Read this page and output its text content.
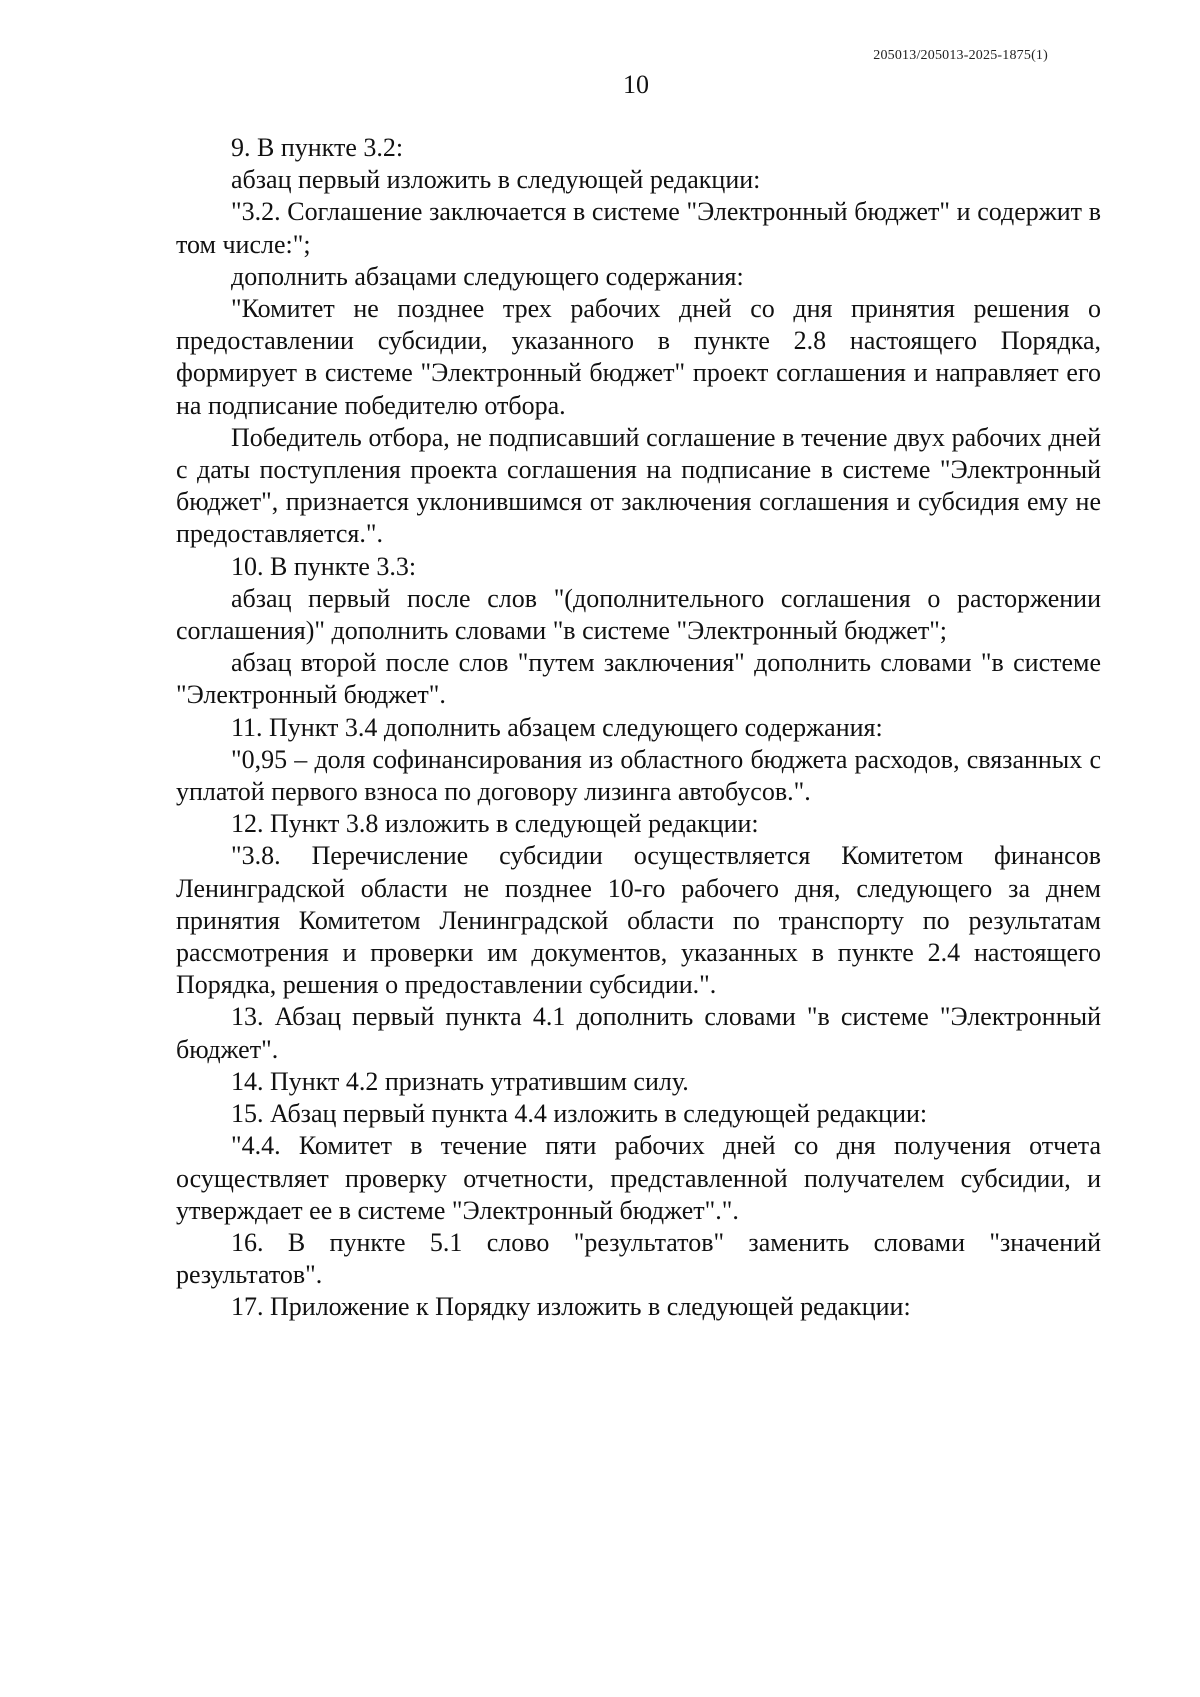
205013/205013-2025-1875(1)
10

9. В пункте 3.2:

абзац первый изложить в следующей редакции:

"3.2. Соглашение заключается в системе "Электронный бюджет" и содержит в том числе:";

дополнить абзацами следующего содержания:

"Комитет не позднее трех рабочих дней со дня принятия решения о предоставлении субсидии, указанного в пункте 2.8 настоящего Порядка, формирует в системе "Электронный бюджет" проект соглашения и направляет его на подписание победителю отбора.

Победитель отбора, не подписавший соглашение в течение двух рабочих дней с даты поступления проекта соглашения на подписание в системе "Электронный бюджет", признается уклонившимся от заключения соглашения и субсидия ему не предоставляется.".

10. В пункте 3.3:

абзац первый после слов "(дополнительного соглашения о расторжении соглашения)" дополнить словами "в системе "Электронный бюджет";

абзац второй после слов "путем заключения" дополнить словами "в системе "Электронный бюджет".

11. Пункт 3.4 дополнить абзацем следующего содержания:

"0,95 – доля софинансирования из областного бюджета расходов, связанных с уплатой первого взноса по договору лизинга автобусов.".

12. Пункт 3.8 изложить в следующей редакции:

"3.8. Перечисление субсидии осуществляется Комитетом финансов Ленинградской области не позднее 10-го рабочего дня, следующего за днем принятия Комитетом Ленинградской области по транспорту по результатам рассмотрения и проверки им документов, указанных в пункте 2.4 настоящего Порядка, решения о предоставлении субсидии.".

13. Абзац первый пункта 4.1 дополнить словами "в системе "Электронный бюджет".

14. Пункт 4.2 признать утратившим силу.

15. Абзац первый пункта 4.4 изложить в следующей редакции:

"4.4. Комитет в течение пяти рабочих дней со дня получения отчета осуществляет проверку отчетности, представленной получателем субсидии, и утверждает ее в системе "Электронный бюджет".".

16. В пункте 5.1 слово "результатов" заменить словами "значений результатов".

17. Приложение к Порядку изложить в следующей редакции:
